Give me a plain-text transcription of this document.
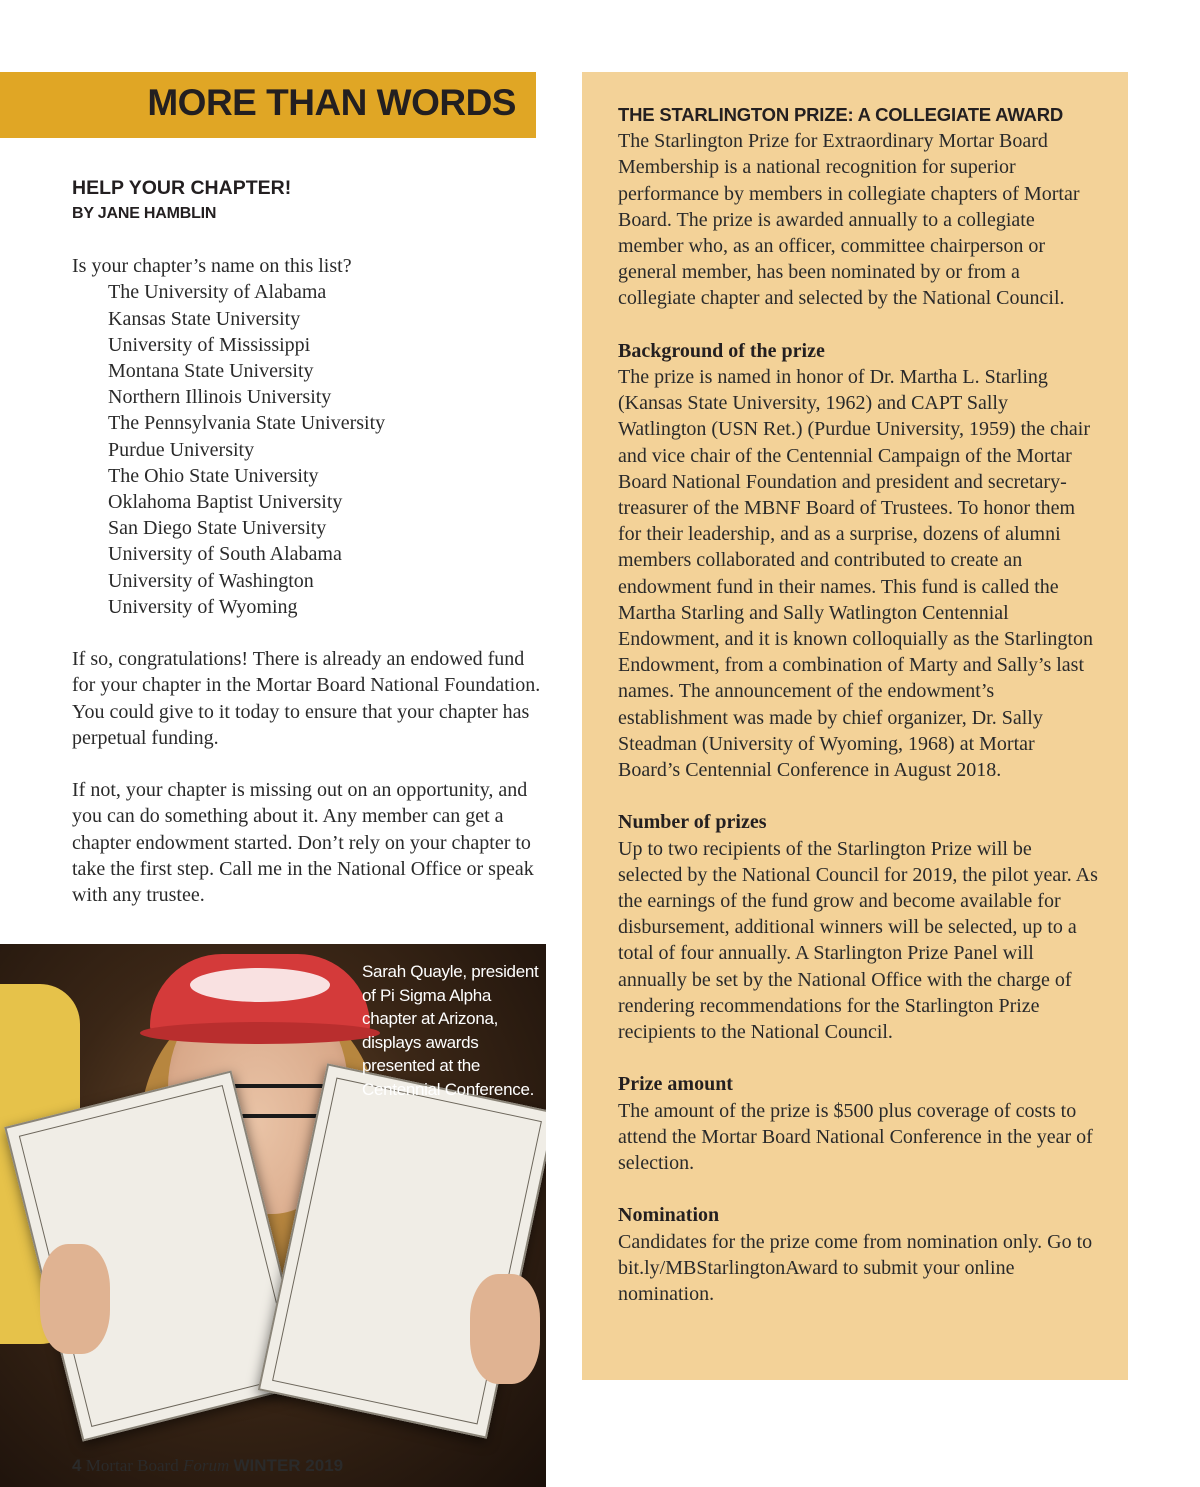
MORE THAN WORDS
HELP YOUR CHAPTER!
BY JANE HAMBLIN

Is your chapter’s name on this list?

The University of Alabama
Kansas State University
University of Mississippi
Montana State University
Northern Illinois University
The Pennsylvania State University
Purdue University
The Ohio State University
Oklahoma Baptist University
San Diego State University
University of South Alabama
University of Washington
University of Wyoming

If so, congratulations! There is already an endowed fund for your chapter in the Mortar Board National Foundation. You could give to it today to ensure that your chapter has perpetual funding.

If not, your chapter is missing out on an opportunity, and you can do something about it. Any member can get a chapter endowment started. Don’t rely on your chapter to take the first step. Call me in the National Office or speak with any trustee.

Sarah Quayle, president of Pi Sigma Alpha chapter at Arizona, displays awards presented at the Centennial Conference.
4 Mortar Board Forum WINTER 2019
THE STARLINGTON PRIZE: A COLLEGIATE AWARD

The Starlington Prize for Extraordinary Mortar Board Membership is a national recognition for superior performance by members in collegiate chapters of Mortar Board. The prize is awarded annually to a collegiate member who, as an officer, committee chairperson or general member, has been nominated by or from a collegiate chapter and selected by the National Council.

Background of the prize

The prize is named in honor of Dr. Martha L. Starling (Kansas State University, 1962) and CAPT Sally Watlington (USN Ret.) (Purdue University, 1959) the chair and vice chair of the Centennial Campaign of the Mortar Board National Foundation and president and secretary-treasurer of the MBNF Board of Trustees. To honor them for their leadership, and as a surprise, dozens of alumni members collaborated and contributed to create an endowment fund in their names. This fund is called the Martha Starling and Sally Watlington Centennial Endowment, and it is known colloquially as the Starlington Endowment, from a combination of Marty and Sally’s last names. The announcement of the endowment’s establishment was made by chief organizer, Dr. Sally Steadman (University of Wyoming, 1968) at Mortar Board’s Centennial Conference in August 2018.

Number of prizes

Up to two recipients of the Starlington Prize will be selected by the National Council for 2019, the pilot year. As the earnings of the fund grow and become available for disbursement, additional winners will be selected, up to a total of four annually. A Starlington Prize Panel will annually be set by the National Office with the charge of rendering recommendations for the Starlington Prize recipients to the National Council.

Prize amount

The amount of the prize is $500 plus coverage of costs to attend the Mortar Board National Conference in the year of selection.

Nomination

Candidates for the prize come from nomination only. Go to bit.ly/MBStarlingtonAward to submit your online nomination.
